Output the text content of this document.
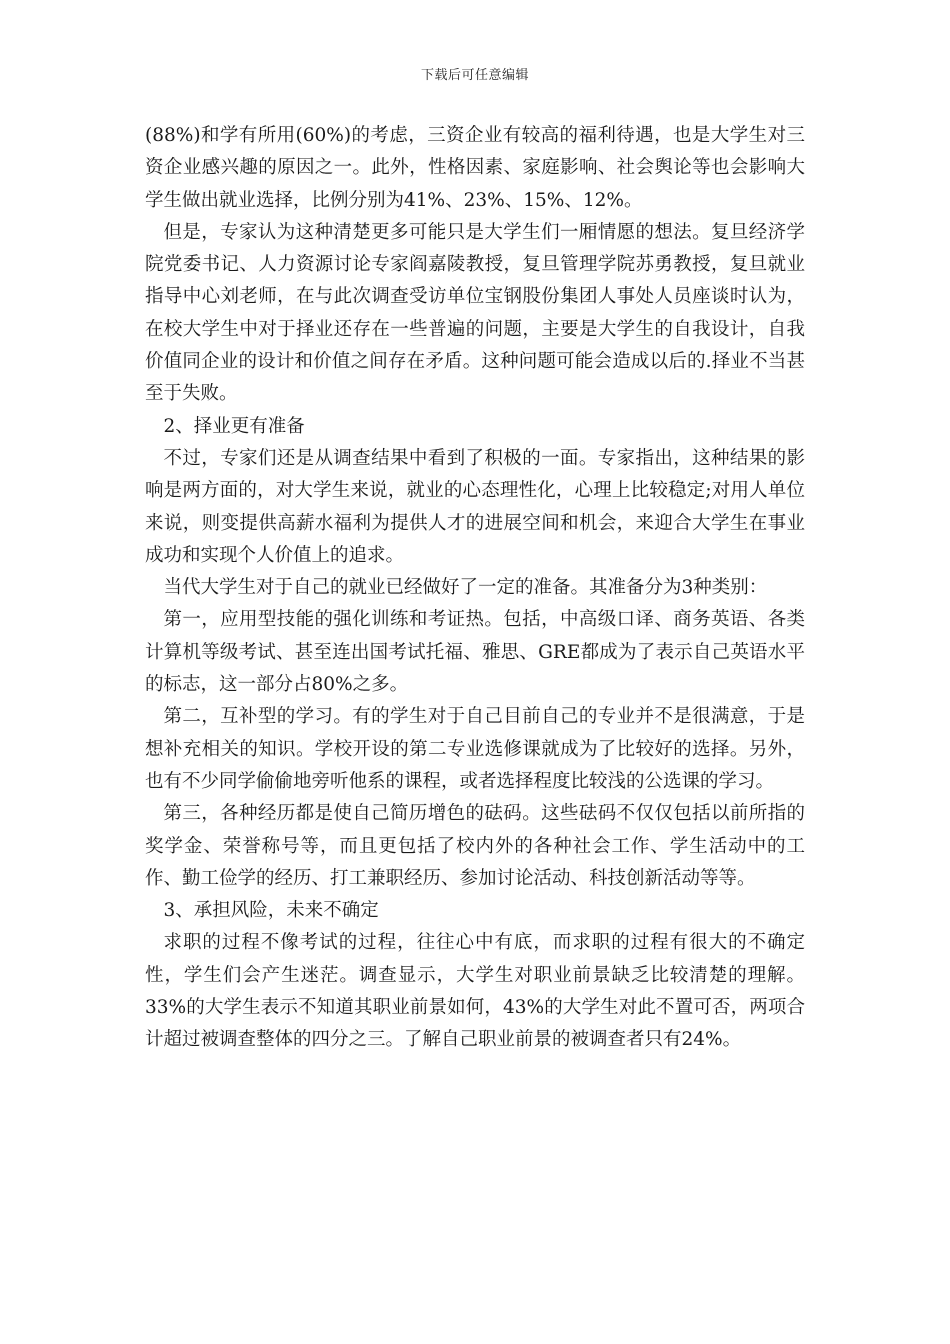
下载后可任意编辑

(88%)和学有所用(60%)的考虑，三资企业有较高的福利待遇，也是大学生对三资企业感兴趣的原因之一。此外，性格因素、家庭影响、社会舆论等也会影响大学生做出就业选择，比例分别为41%、23%、15%、12%。

但是，专家认为这种清楚更多可能只是大学生们一厢情愿的想法。复旦经济学院党委书记、人力资源讨论专家阎嘉陵教授，复旦管理学院苏勇教授，复旦就业指导中心刘老师，在与此次调查受访单位宝钢股份集团人事处人员座谈时认为，在校大学生中对于择业还存在一些普遍的问题，主要是大学生的自我设计，自我价值同企业的设计和价值之间存在矛盾。这种问题可能会造成以后的.择业不当甚至于失败。

2、择业更有准备

不过，专家们还是从调查结果中看到了积极的一面。专家指出，这种结果的影响是两方面的，对大学生来说，就业的心态理性化，心理上比较稳定;对用人单位来说，则变提供高薪水福利为提供人才的进展空间和机会，来迎合大学生在事业成功和实现个人价值上的追求。

当代大学生对于自己的就业已经做好了一定的准备。其准备分为3种类别：

第一，应用型技能的强化训练和考证热。包括，中高级口译、商务英语、各类计算机等级考试、甚至连出国考试托福、雅思、GRE都成为了表示自己英语水平的标志，这一部分占80%之多。

第二，互补型的学习。有的学生对于自己目前自己的专业并不是很满意，于是想补充相关的知识。学校开设的第二专业选修课就成为了比较好的选择。另外，也有不少同学偷偷地旁听他系的课程，或者选择程度比较浅的公选课的学习。

第三，各种经历都是使自己简历增色的砝码。这些砝码不仅仅包括以前所指的奖学金、荣誉称号等，而且更包括了校内外的各种社会工作、学生活动中的工作、勤工俭学的经历、打工兼职经历、参加讨论活动、科技创新活动等等。

3、承担风险，未来不确定

求职的过程不像考试的过程，往往心中有底，而求职的过程有很大的不确定性，学生们会产生迷茫。调查显示，大学生对职业前景缺乏比较清楚的理解。33%的大学生表示不知道其职业前景如何，43%的大学生对此不置可否，两项合计超过被调查整体的四分之三。了解自己职业前景的被调查者只有24%。
